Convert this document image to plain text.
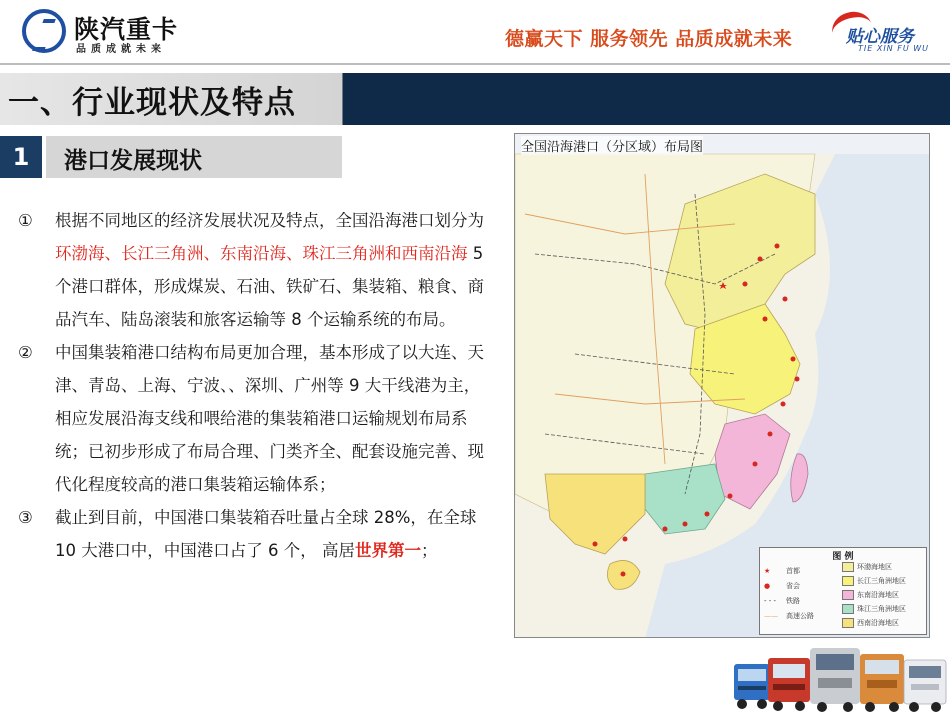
陕汽重卡
品质成就未来	德赢天下 服务领先 品质成就未来	贴心服务
TIE XIN FU WU
一、行业现状及特点
1	港口发展现状
①	根据不同地区的经济发展状况及特点，全国沿海港口划分为环渤海、长江三角洲、东南沿海、珠江三角洲和西南沿海 5 个港口群体，形成煤炭、石油、铁矿石、集装箱、粮食、商品汽车、陆岛滚装和旅客运输等 8 个运输系统的布局。
②	中国集装箱港口结构布局更加合理，基本形成了以大连、天津、青岛、上海、宁波、、深圳、广州等 9 大干线港为主，相应发展沿海支线和喂给港的集装箱港口运输规划布局系统；已初步形成了布局合理、门类齐全、配套设施完善、现代化程度较高的港口集装箱运输体系；
③	截止到目前，中国港口集装箱吞吐量占全球 28%，在全球 10 大港口中，中国港口占了 6 个， 高居世界第一；
全国沿海港口（分区域）布局图
图 例
★	首都
●	省会
- - -	铁路
——	高速公路
环渤海地区
长江三角洲地区
东南沿海地区
珠江三角洲地区
西南沿海地区
